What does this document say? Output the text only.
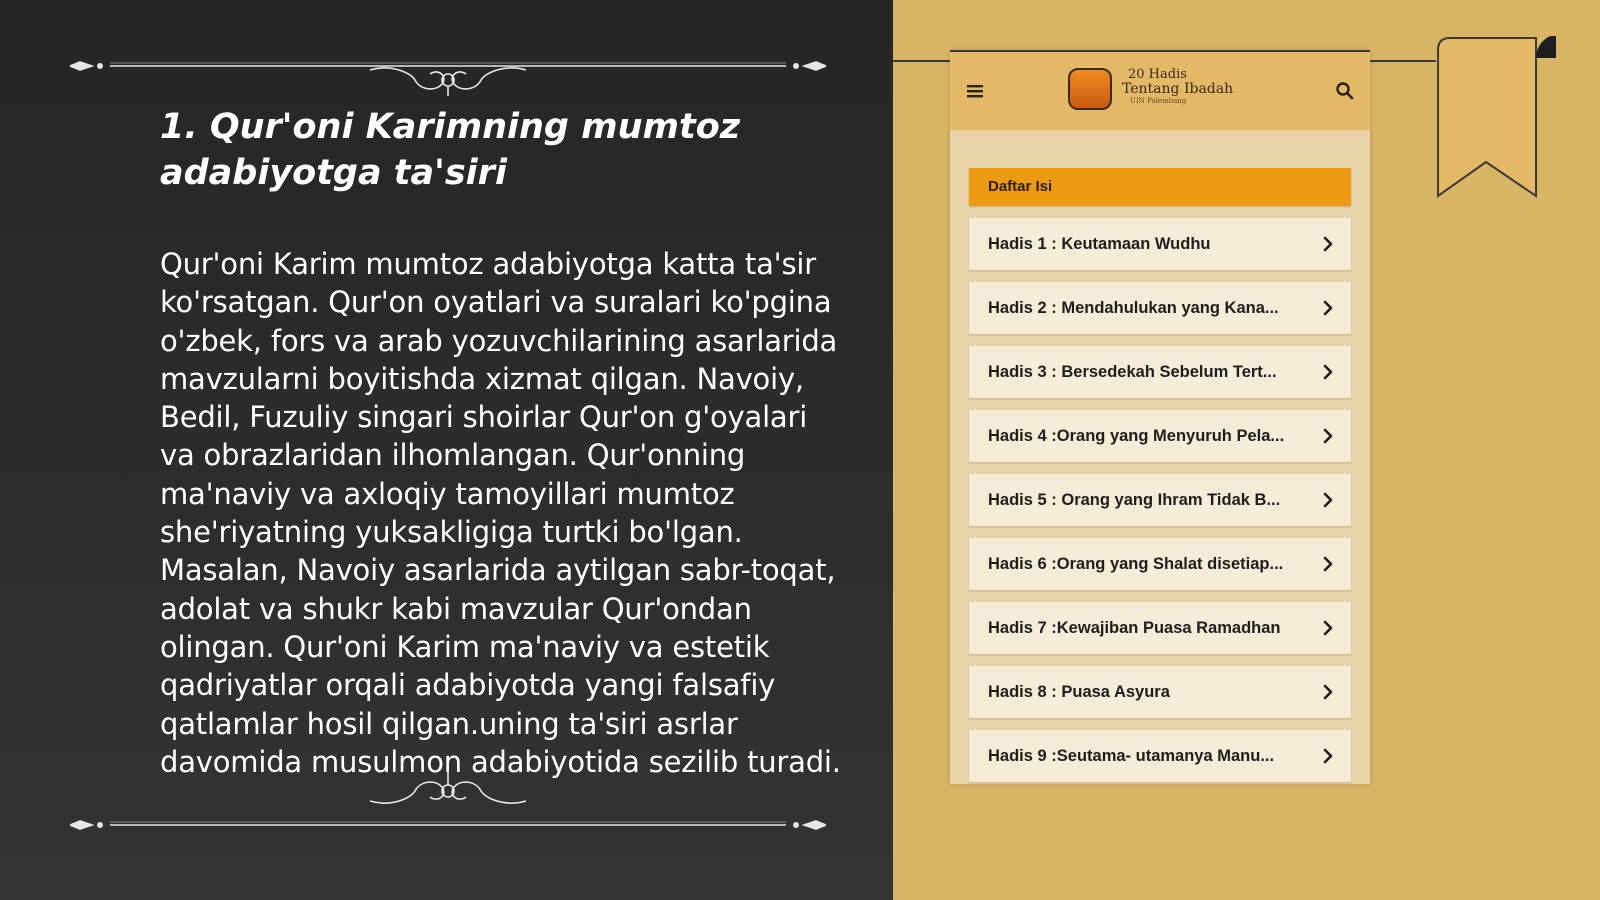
1. Qur'oni Karimning mumtoz adabiyotga ta'siri

Qur'oni Karim mumtoz adabiyotga katta ta'sir ko'rsatgan. Qur'on oyatlari va suralari ko'pgina o'zbek, fors va arab yozuvchilarining asarlarida mavzularni boyitishda xizmat qilgan. Navoiy, Bedil, Fuzuliy singari shoirlar Qur'on g'oyalari va obrazlaridan ilhomlangan. Qur'onning ma'naviy va axloqiy tamoyillari mumtoz she'riyatning yuksakligiga turtki bo'lgan. Masalan, Navoiy asarlarida aytilgan sabr-toqat, adolat va shukr kabi mavzular Qur'ondan olingan. Qur'oni Karim ma'naviy va estetik qadriyatlar orqali adabiyotda yangi falsafiy qatlamlar hosil qilgan.uning ta'siri asrlar davomida musulmon adabiyotida sezilib turadi.

20 Hadis
Tentang Ibadah
UIN Palembang
Daftar Isi
Hadis 1 : Keutamaan Wudhu
Hadis 2 : Mendahulukan yang Kana...
Hadis 3 : Bersedekah Sebelum Tert...
Hadis 4 :Orang yang Menyuruh Pela...
Hadis 5 : Orang yang Ihram Tidak B...
Hadis 6 :Orang yang Shalat disetiap...
Hadis 7 :Kewajiban Puasa Ramadhan
Hadis 8 : Puasa Asyura
Hadis 9 :Seutama- utamanya Manu...
